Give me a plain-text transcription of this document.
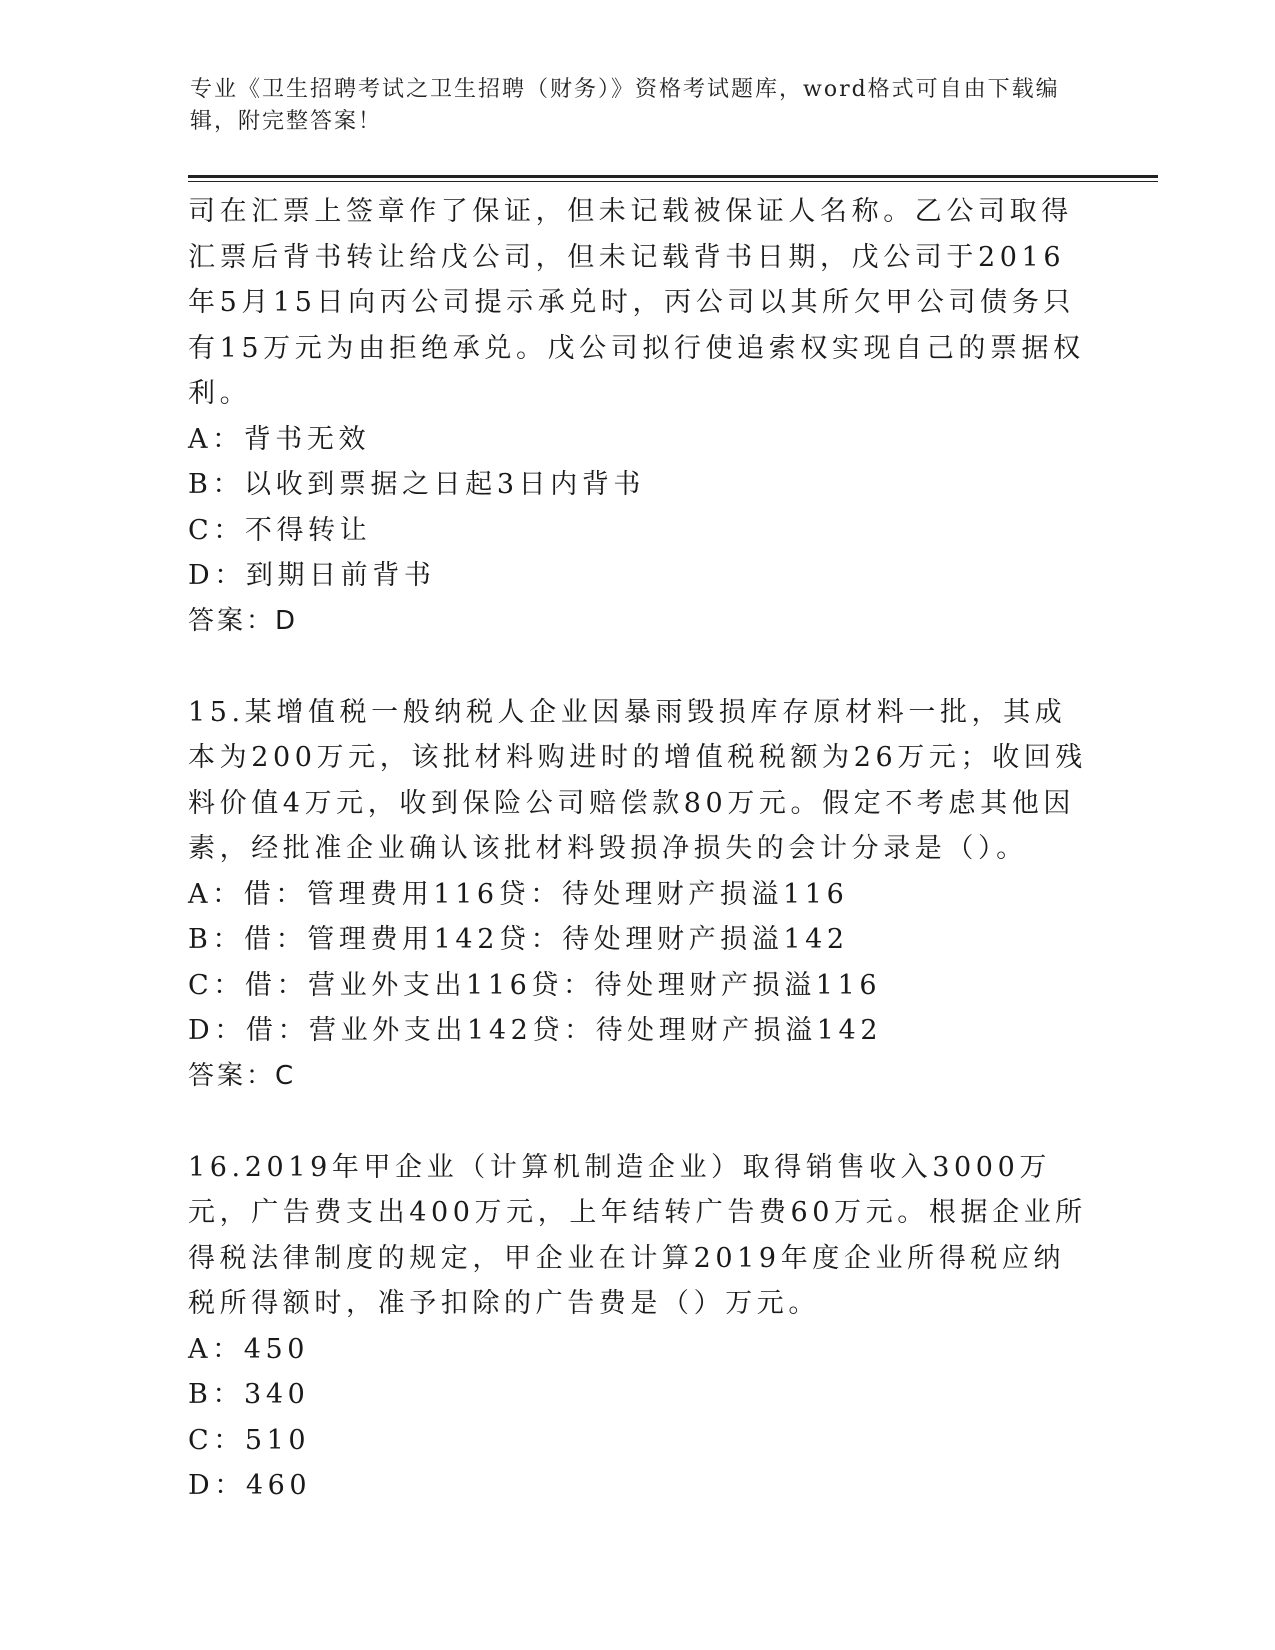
专业《卫生招聘考试之卫生招聘（财务）》资格考试题库，word格式可自由下载编辑，附完整答案！

司在汇票上签章作了保证，但未记载被保证人名称。乙公司取得汇票后背书转让给戊公司，但未记载背书日期，戊公司于2016年5月15日向丙公司提示承兑时，丙公司以其所欠甲公司债务只有15万元为由拒绝承兑。戊公司拟行使追索权实现自己的票据权利。

A：背书无效

B：以收到票据之日起3日内背书

C：不得转让

D：到期日前背书

答案：D

15.某增值税一般纳税人企业因暴雨毁损库存原材料一批，其成本为200万元，该批材料购进时的增值税税额为26万元；收回残料价值4万元，收到保险公司赔偿款80万元。假定不考虑其他因素，经批准企业确认该批材料毁损净损失的会计分录是（）。

A：借：管理费用116贷：待处理财产损溢116

B：借：管理费用142贷：待处理财产损溢142

C：借：营业外支出116贷：待处理财产损溢116

D：借：营业外支出142贷：待处理财产损溢142

答案：C

16.2019年甲企业（计算机制造企业）取得销售收入3000万元，广告费支出400万元，上年结转广告费60万元。根据企业所得税法律制度的规定，甲企业在计算2019年度企业所得税应纳税所得额时，准予扣除的广告费是（）万元。

A：450

B：340

C：510

D：460
